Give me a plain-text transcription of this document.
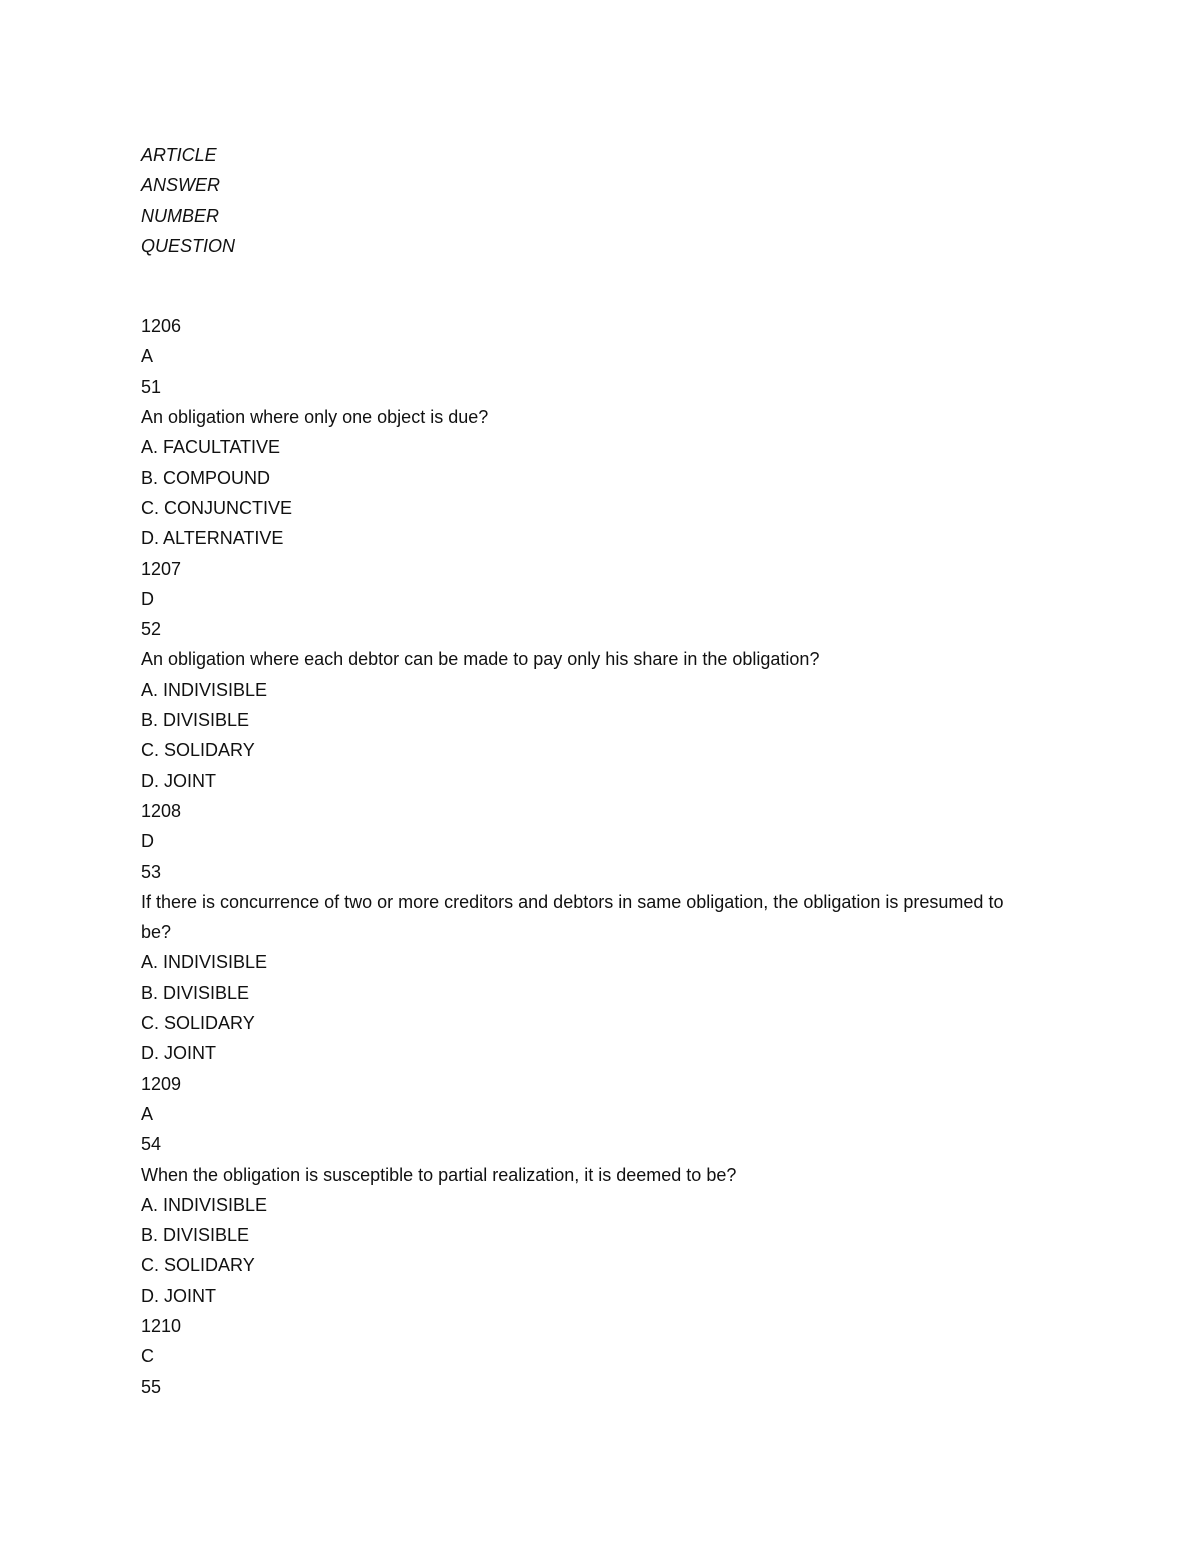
ARTICLE
ANSWER
NUMBER
QUESTION
1206
A
51
An obligation where only one object is due?
A. FACULTATIVE
B. COMPOUND
C. CONJUNCTIVE
D. ALTERNATIVE
1207
D
52
An obligation where each debtor can be made to pay only his share in the obligation?
A. INDIVISIBLE
B. DIVISIBLE
C. SOLIDARY
D. JOINT
1208
D
53
If there is concurrence of two or more creditors and debtors in same obligation, the obligation is presumed to be?
A. INDIVISIBLE
B. DIVISIBLE
C. SOLIDARY
D. JOINT
1209
A
54
When the obligation is susceptible to partial realization, it is deemed to be?
A. INDIVISIBLE
B. DIVISIBLE
C. SOLIDARY
D. JOINT
1210
C
55
